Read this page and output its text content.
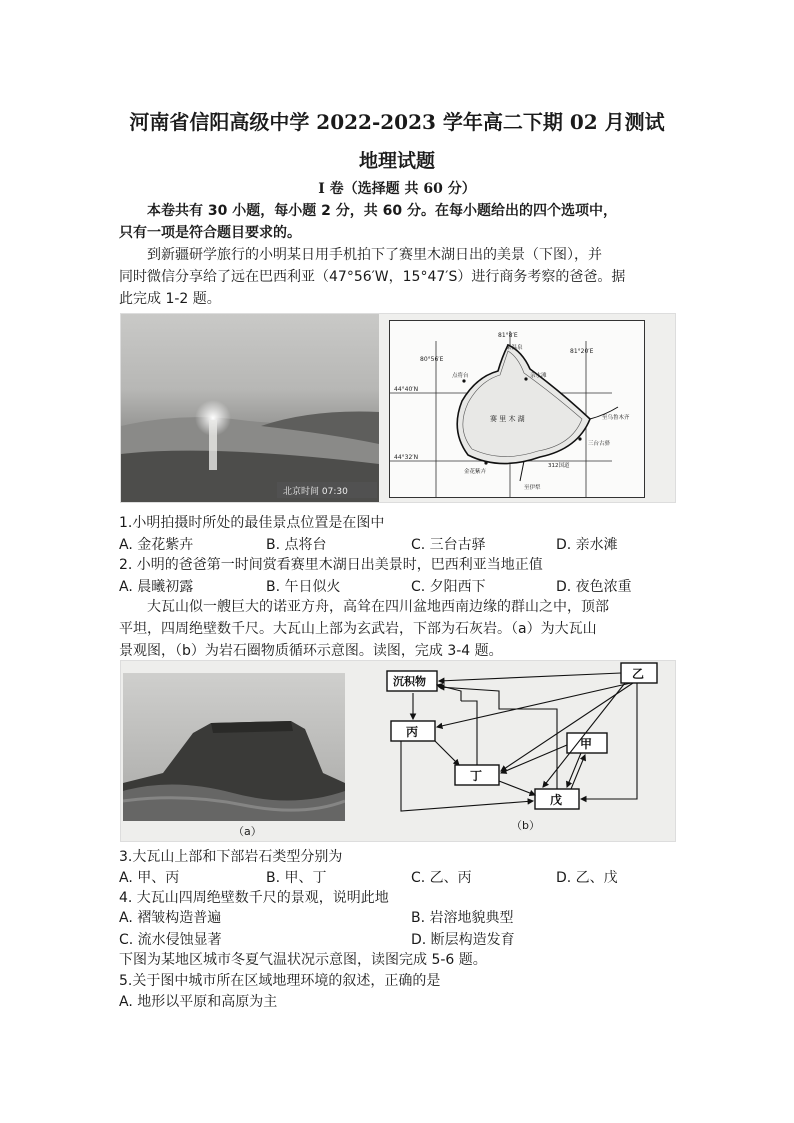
河南省信阳高级中学 2022-2023 学年高二下期 02 月测试
地理试题
I 卷（选择题 共 60 分）
本卷共有 30 小题，每小题 2 分，共 60 分。在每小题给出的四个选项中，
只有一项是符合题目要求的。
到新疆研学旅行的小明某日用手机拍下了赛里木湖日出的美景（下图），并
同时微信分享给了远在巴西利亚（47°56′W，15°47′S）进行商务考察的爸爸。据
此完成 1-2 题。
北京时间 07:30
80°56′E
81°8′E
81°20′E
44°40′N
44°32′N
赛 里 木 湖
果温泉
点将台	亲水滩
至乌鲁木齐
三台古驿
金花紫卉
312国道
至伊犁
1.小明拍摄时所处的最佳景点位置是在图中
A. 金花紫卉	B. 点将台	C. 三台古驿	D. 亲水滩
2. 小明的爸爸第一时间赏看赛里木湖日出美景时，巴西利亚当地正值
A. 晨曦初露	B. 午日似火	C. 夕阳西下	D. 夜色浓重
大瓦山似一艘巨大的诺亚方舟，高耸在四川盆地西南边缘的群山之中，顶部
平坦，四周绝壁数千尺。大瓦山上部为玄武岩，下部为石灰岩。（a）为大瓦山
景观图，（b）为岩石圈物质循环示意图。读图，完成 3-4 题。
（a）
沉积物
乙
丙
甲
丁
戊
（b）
3.大瓦山上部和下部岩石类型分别为
A. 甲、丙	B. 甲、丁	C. 乙、丙	D. 乙、戊
4. 大瓦山四周绝壁数千尺的景观，说明此地
A. 褶皱构造普遍	B. 岩溶地貌典型
C. 流水侵蚀显著	D. 断层构造发育
下图为某地区城市冬夏气温状况示意图，读图完成 5-6 题。
5.关于图中城市所在区域地理环境的叙述，正确的是
A. 地形以平原和高原为主
